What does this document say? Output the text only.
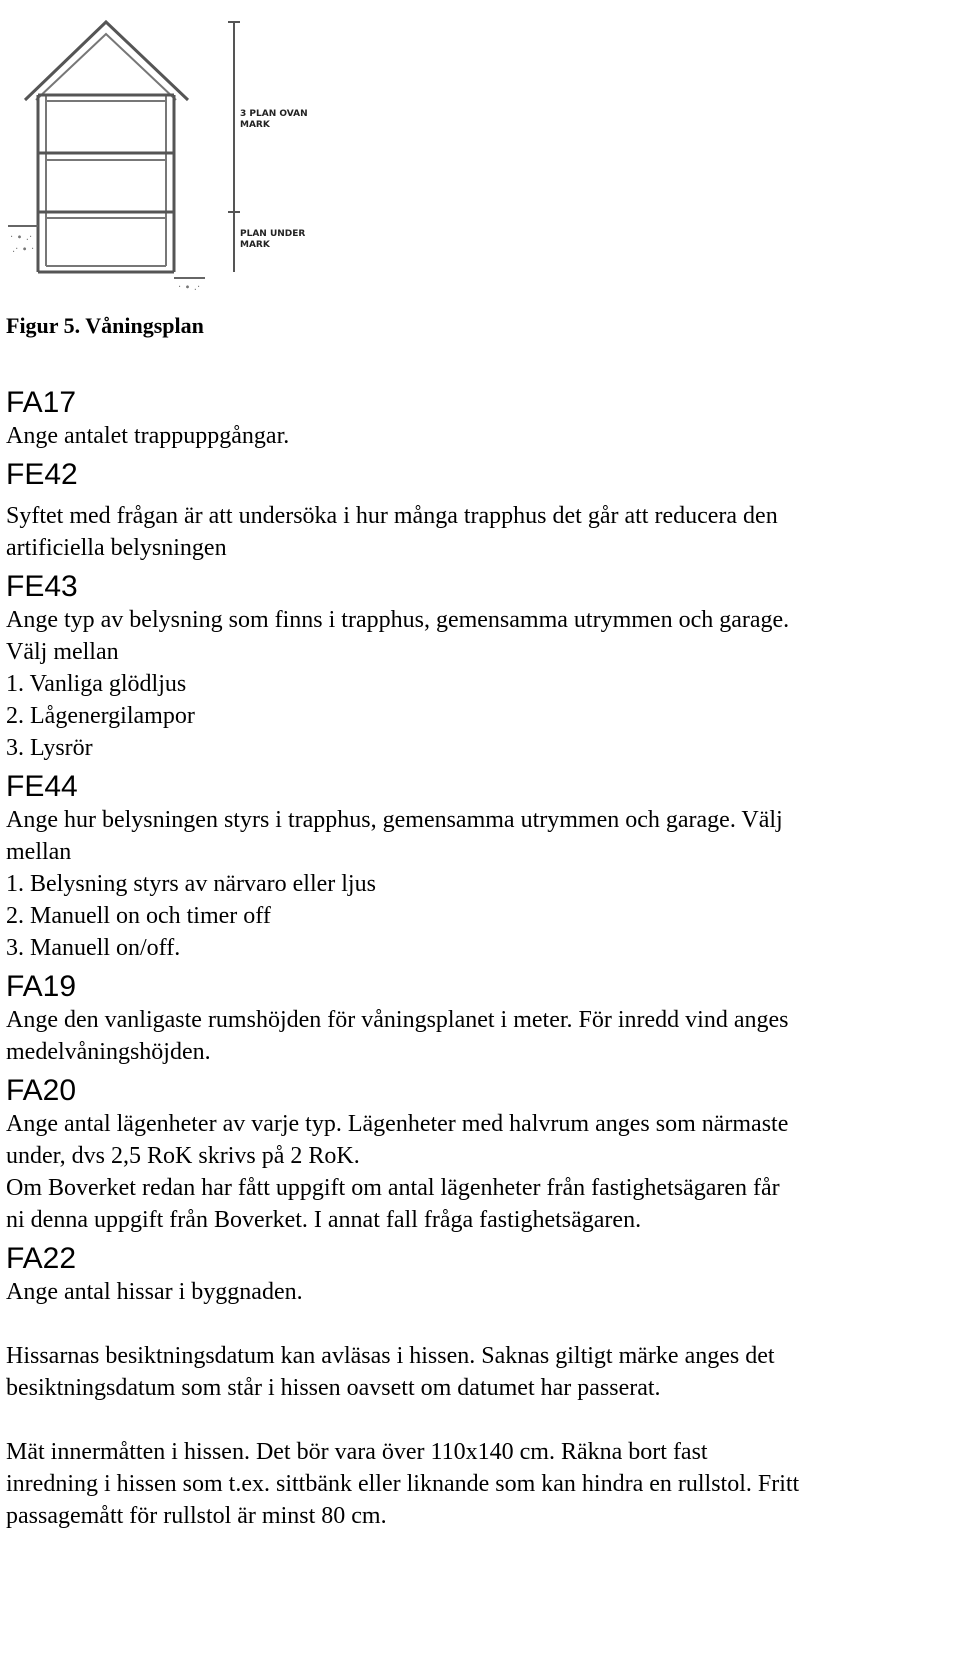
· ∙ .·
.· ∙ ·
· ∙ .·
3 PLAN OVAN
MARK
PLAN UNDER
MARK

Figur 5. Våningsplan

FA17
Ange antalet trappuppgångar.
FE42
Syftet med frågan är att undersöka i hur många trapphus det går att reducera den
artificiella belysningen
FE43
Ange typ av belysning som finns i trapphus, gemensamma utrymmen och garage.
Välj mellan
1. Vanliga glödljus
2. Lågenergilampor
3. Lysrör
FE44
Ange hur belysningen styrs i trapphus, gemensamma utrymmen och garage. Välj
mellan
1. Belysning styrs av närvaro eller ljus
2. Manuell on och timer off
3. Manuell on/off.
FA19
Ange den vanligaste rumshöjden för våningsplanet i meter. För inredd vind anges
medelvåningshöjden.
FA20
Ange antal lägenheter av varje typ. Lägenheter med halvrum anges som närmaste
under, dvs 2,5 RoK skrivs på 2 RoK.
Om Boverket redan har fått uppgift om antal lägenheter från fastighetsägaren får
ni denna uppgift från Boverket. I annat fall fråga fastighetsägaren.
FA22
Ange antal hissar i byggnaden.
Hissarnas besiktningsdatum kan avläsas i hissen. Saknas giltigt märke anges det
besiktningsdatum som står i hissen oavsett om datumet har passerat.
Mät innermåtten i hissen. Det bör vara över 110x140 cm. Räkna bort fast
inredning i hissen som t.ex. sittbänk eller liknande som kan hindra en rullstol. Fritt
passagemått för rullstol är minst 80 cm.
